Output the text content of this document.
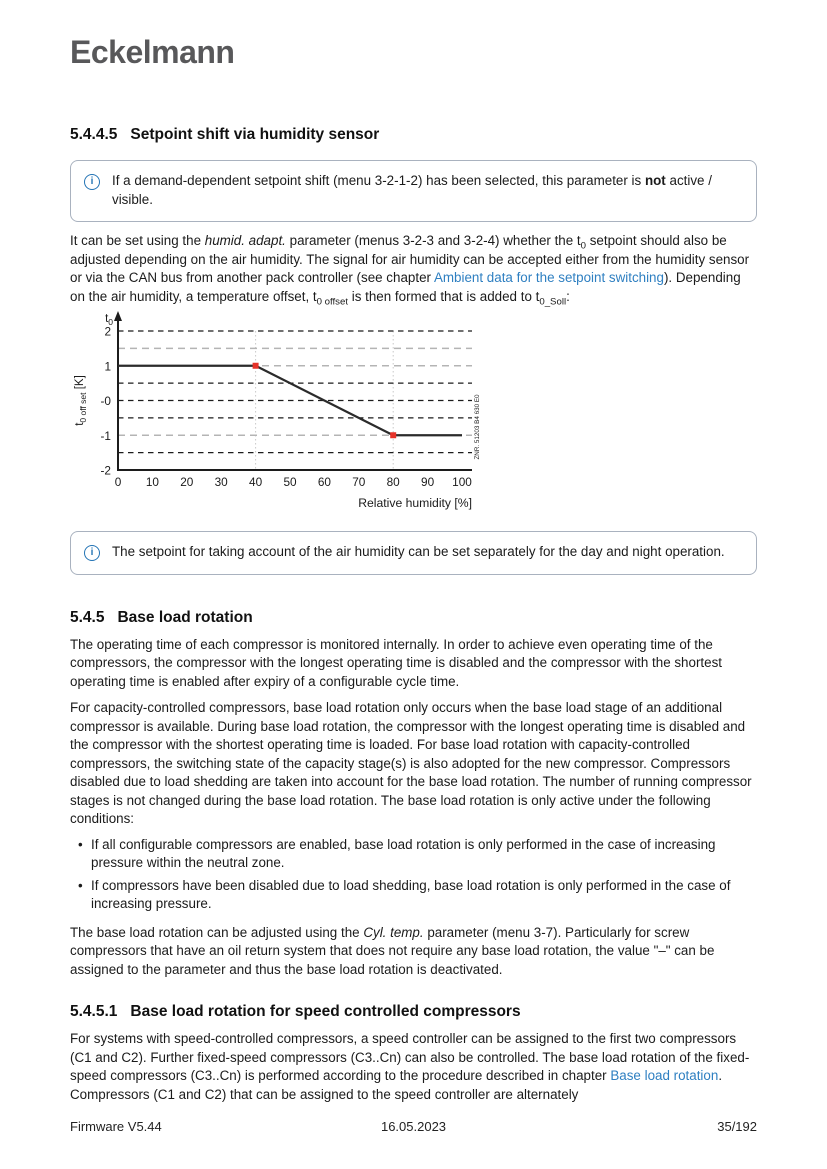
Eckelmann
5.4.4.5 Setpoint shift via humidity sensor
i	If a demand-dependent setpoint shift (menu 3-2-1-2) has been selected, this parameter is not active / visible.

It can be set using the humid. adapt. parameter (menus 3-2-3 and 3-2-4) whether the $t_0$ setpoint should also be adjusted depending on the air humidity. The signal for air humidity can be accepted either from the humidity sensor or via the CAN bus from another pack controller (see chapter Ambient data for the setpoint switching). Depending on the air humidity, a temperature offset, $t_{0 offset}$ is then formed that is added to $t_{0\_Soll}$:

2
1
-0
-1
-2
0 10 20 30 40 50 60 70 80 90 100
$t_0$
$t_{0 off set}$ [K]
Relative humidity [%]
ZNR. 51203 B4 630 E0
i	The setpoint for taking account of the air humidity can be set separately for the day and night operation.
5.4.5 Base load rotation

The operating time of each compressor is monitored internally. In order to achieve even operating time of the compressors, the compressor with the longest operating time is disabled and the compressor with the shortest operating time is enabled after expiry of a configurable cycle time.

For capacity-controlled compressors, base load rotation only occurs when the base load stage of an additional compressor is available. During base load rotation, the compressor with the longest operating time is disabled and the compressor with the shortest operating time is loaded. For base load rotation with capacity-controlled compressors, the switching state of the capacity stage(s) is also adopted for the new compressor. Compressors disabled due to load shedding are taken into account for the base load rotation. The number of running compressor stages is not changed during the base load rotation. The base load rotation is only active under the following conditions:

• If all configurable compressors are enabled, base load rotation is only performed in the case of increasing pressure within the neutral zone.
• If compressors have been disabled due to load shedding, base load rotation is only performed in the case of increasing pressure.

The base load rotation can be adjusted using the Cyl. temp. parameter (menu 3-7). Particularly for screw compressors that have an oil return system that does not require any base load rotation, the value "–" can be assigned to the parameter and thus the base load rotation is deactivated.

5.4.5.1 Base load rotation for speed controlled compressors

For systems with speed-controlled compressors, a speed controller can be assigned to the first two compressors (C1 and C2). Further fixed-speed compressors (C3..Cn) can also be controlled. The base load rotation of the fixed-speed compressors (C3..Cn) is performed according to the procedure described in chapter Base load rotation. Compressors (C1 and C2) that can be assigned to the speed controller are alternately

Firmware V5.44	16.05.2023	35/192
